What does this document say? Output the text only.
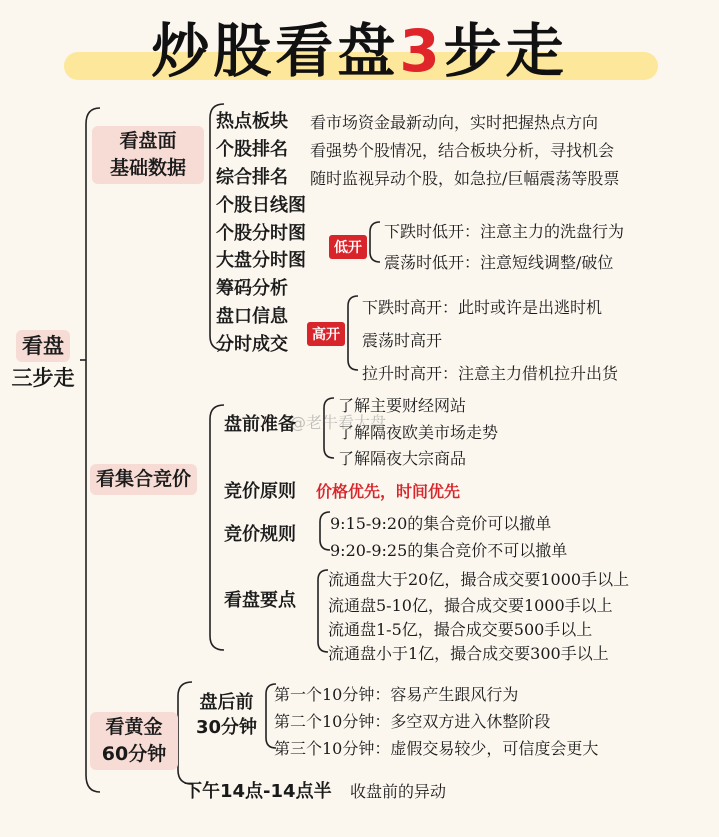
炒股看盘3步走
看盘
三步走
看盘面
基础数据
热点板块 看市场资金最新动向，实时把握热点方向
个股排名 看强势个股情况，结合板块分析，寻找机会
综合排名 随时监视异动个股，如急拉/巨幅震荡等股票
个股日线图
个股分时图
大盘分时图
筹码分析
盘口信息
分时成交
低开
下跌时低开：注意主力的洗盘行为
震荡时低开：注意短线调整/破位
高开
下跌时高开：此时或许是出逃时机
震荡时高开
拉升时高开：注意主力借机拉升出货
看集合竞价
盘前准备
了解主要财经网站
了解隔夜欧美市场走势
了解隔夜大宗商品
@老牛看大盘
竞价原则 价格优先，时间优先
竞价规则
9:15-9:20的集合竞价可以撤单
9:20-9:25的集合竞价不可以撤单
看盘要点
流通盘大于20亿，撮合成交要1000手以上
流通盘5-10亿，撮合成交要1000手以上
流通盘1-5亿，撮合成交要500手以上
流通盘小于1亿，撮合成交要300手以上
看黄金
60分钟
盘后前
30分钟
第一个10分钟：容易产生跟风行为
第二个10分钟：多空双方进入休整阶段
第三个10分钟：虚假交易较少，可信度会更大
下午14点-14点半 收盘前的异动
